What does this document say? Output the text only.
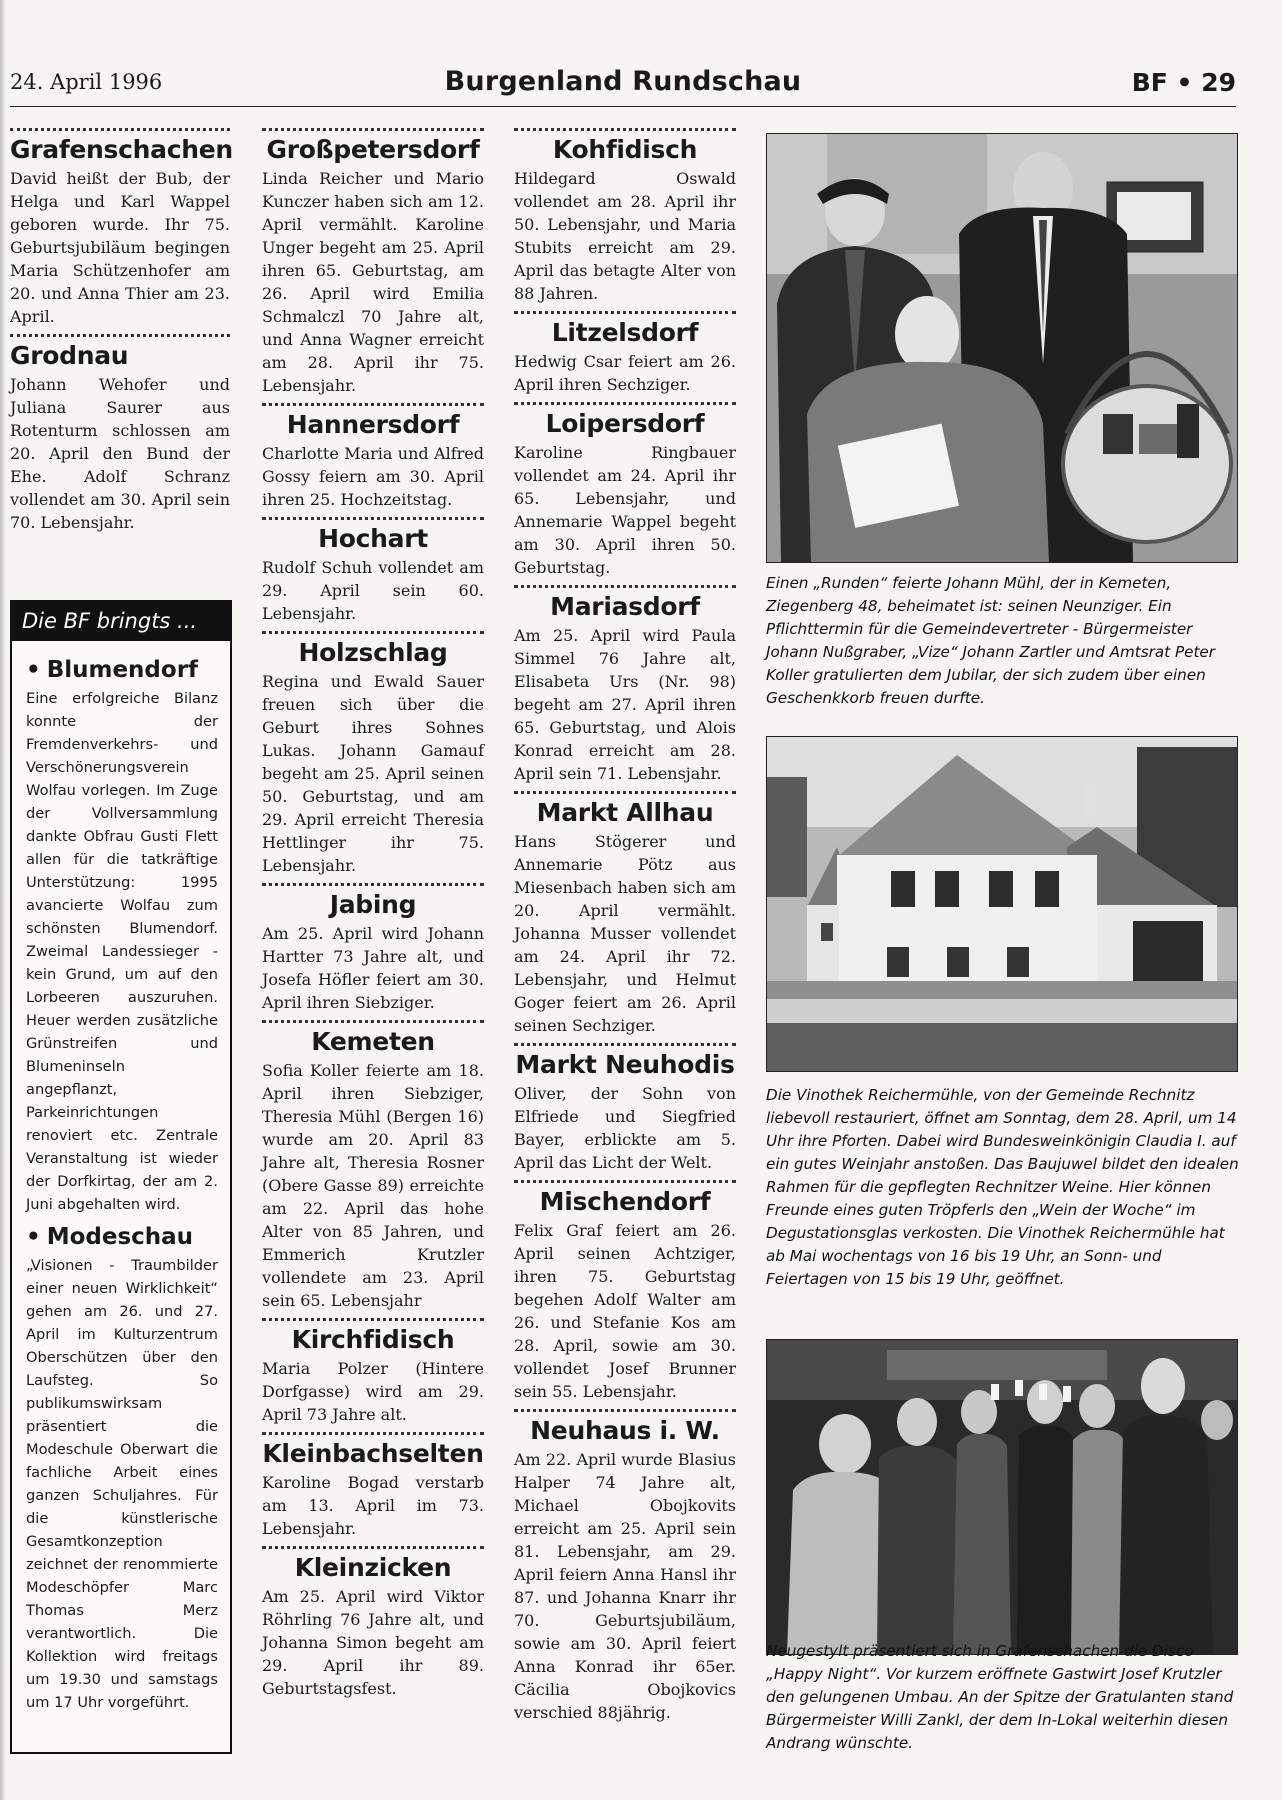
24. April 1996	Burgenland Rundschau	BF • 29
Grafenschachen

David heißt der Bub, der Helga und Karl Wappel geboren wurde. Ihr 75. Geburtsjubiläum begingen Maria Schützenhofer am 20. und Anna Thier am 23. April.

Grodnau

Johann Wehofer und Juliana Saurer aus Rotenturm schlossen am 20. April den Bund der Ehe. Adolf Schranz vollendet am 30. April sein 70. Lebensjahr.

Die BF bringts ...
• Blumendorf

Eine erfolgreiche Bilanz konnte der Fremdenverkehrs- und Verschönerungsverein Wolfau vorlegen. Im Zuge der Vollversammlung dankte Obfrau Gusti Flett allen für die tatkräftige Unterstützung: 1995 avancierte Wolfau zum schönsten Blumendorf. Zweimal Landessieger - kein Grund, um auf den Lorbeeren auszuruhen. Heuer werden zusätzliche Grünstreifen und Blumeninseln angepflanzt, Parkeinrichtungen renoviert etc. Zentrale Veranstaltung ist wieder der Dorfkirtag, der am 2. Juni abgehalten wird.

• Modeschau

„Visionen - Traumbilder einer neuen Wirklichkeit“ gehen am 26. und 27. April im Kulturzentrum Oberschützen über den Laufsteg. So publikumswirksam präsentiert die Modeschule Oberwart die fachliche Arbeit eines ganzen Schuljahres. Für die künstlerische Gesamtkonzeption zeichnet der renommierte Modeschöpfer Marc Thomas Merz verantwortlich. Die Kollektion wird freitags um 19.30 und samstags um 17 Uhr vorgeführt.

Großpetersdorf

Linda Reicher und Mario Kunczer haben sich am 12. April vermählt. Karoline Unger begeht am 25. April ihren 65. Geburtstag, am 26. April wird Emilia Schmalczl 70 Jahre alt, und Anna Wagner erreicht am 28. April ihr 75. Lebensjahr.

Hannersdorf

Charlotte Maria und Alfred Gossy feiern am 30. April ihren 25. Hochzeitstag.

Hochart

Rudolf Schuh vollendet am 29. April sein 60. Lebensjahr.

Holzschlag

Regina und Ewald Sauer freuen sich über die Geburt ihres Sohnes Lukas. Johann Gamauf begeht am 25. April seinen 50. Geburtstag, und am 29. April erreicht Theresia Hettlinger ihr 75. Lebensjahr.

Jabing

Am 25. April wird Johann Hartter 73 Jahre alt, und Josefa Höfler feiert am 30. April ihren Siebziger.

Kemeten

Sofia Koller feierte am 18. April ihren Siebziger, Theresia Mühl (Bergen 16) wurde am 20. April 83 Jahre alt, Theresia Rosner (Obere Gasse 89) erreichte am 22. April das hohe Alter von 85 Jahren, und Emmerich Krutzler vollendete am 23. April sein 65. Lebensjahr

Kirchfidisch

Maria Polzer (Hintere Dorfgasse) wird am 29. April 73 Jahre alt.

Kleinbachselten

Karoline Bogad verstarb am 13. April im 73. Lebensjahr.

Kleinzicken

Am 25. April wird Viktor Röhrling 76 Jahre alt, und Johanna Simon begeht am 29. April ihr 89. Geburtstagsfest.

Kohfidisch

Hildegard Oswald vollendet am 28. April ihr 50. Lebensjahr, und Maria Stubits erreicht am 29. April das betagte Alter von 88 Jahren.

Litzelsdorf

Hedwig Csar feiert am 26. April ihren Sechziger.

Loipersdorf

Karoline Ringbauer vollendet am 24. April ihr 65. Lebensjahr, und Annemarie Wappel begeht am 30. April ihren 50. Geburtstag.

Mariasdorf

Am 25. April wird Paula Simmel 76 Jahre alt, Elisabeta Urs (Nr. 98) begeht am 27. April ihren 65. Geburtstag, und Alois Konrad erreicht am 28. April sein 71. Lebensjahr.

Markt Allhau

Hans Stögerer und Annemarie Pötz aus Miesenbach haben sich am 20. April vermählt. Johanna Musser vollendet am 24. April ihr 72. Lebensjahr, und Helmut Goger feiert am 26. April seinen Sechziger.

Markt Neuhodis

Oliver, der Sohn von Elfriede und Siegfried Bayer, erblickte am 5. April das Licht der Welt.

Mischendorf

Felix Graf feiert am 26. April seinen Achtziger, ihren 75. Geburtstag begehen Adolf Walter am 26. und Stefanie Kos am 28. April, sowie am 30. vollendet Josef Brunner sein 55. Lebensjahr.

Neuhaus i. W.

Am 22. April wurde Blasius Halper 74 Jahre alt, Michael Obojkovits erreicht am 25. April sein 81. Lebensjahr, am 29. April feiern Anna Hansl ihr 87. und Johanna Knarr ihr 70. Geburtsjubiläum, sowie am 30. April feiert Anna Konrad ihr 65er. Cäcilia Obojkovics verschied 88jährig.

Einen „Runden“ feierte Johann Mühl, der in Kemeten, Ziegenberg 48, beheimatet ist: seinen Neunziger. Ein Pflichttermin für die Gemeindevertreter - Bürgermeister Johann Nußgraber, „Vize“ Johann Zartler und Amtsrat Peter Koller gratulierten dem Jubilar, der sich zudem über einen Geschenkkorb freuen durfte.
Die Vinothek Reichermühle, von der Gemeinde Rechnitz liebevoll restauriert, öffnet am Sonntag, dem 28. April, um 14 Uhr ihre Pforten. Dabei wird Bundesweinkönigin Claudia I. auf ein gutes Weinjahr anstoßen. Das Baujuwel bildet den idealen Rahmen für die gepflegten Rechnitzer Weine. Hier können Freunde eines guten Tröpferls den „Wein der Woche“ im Degustationsglas verkosten. Die Vinothek Reichermühle hat ab Mai wochentags von 16 bis 19 Uhr, an Sonn- und Feiertagen von 15 bis 19 Uhr, geöffnet.
Neugestylt präsentiert sich in Grafenschachen die Disco „Happy Night“. Vor kurzem eröffnete Gastwirt Josef Krutzler den gelungenen Umbau. An der Spitze der Gratulanten stand Bürgermeister Willi Zankl, der dem In-Lokal weiterhin diesen Andrang wünschte.
